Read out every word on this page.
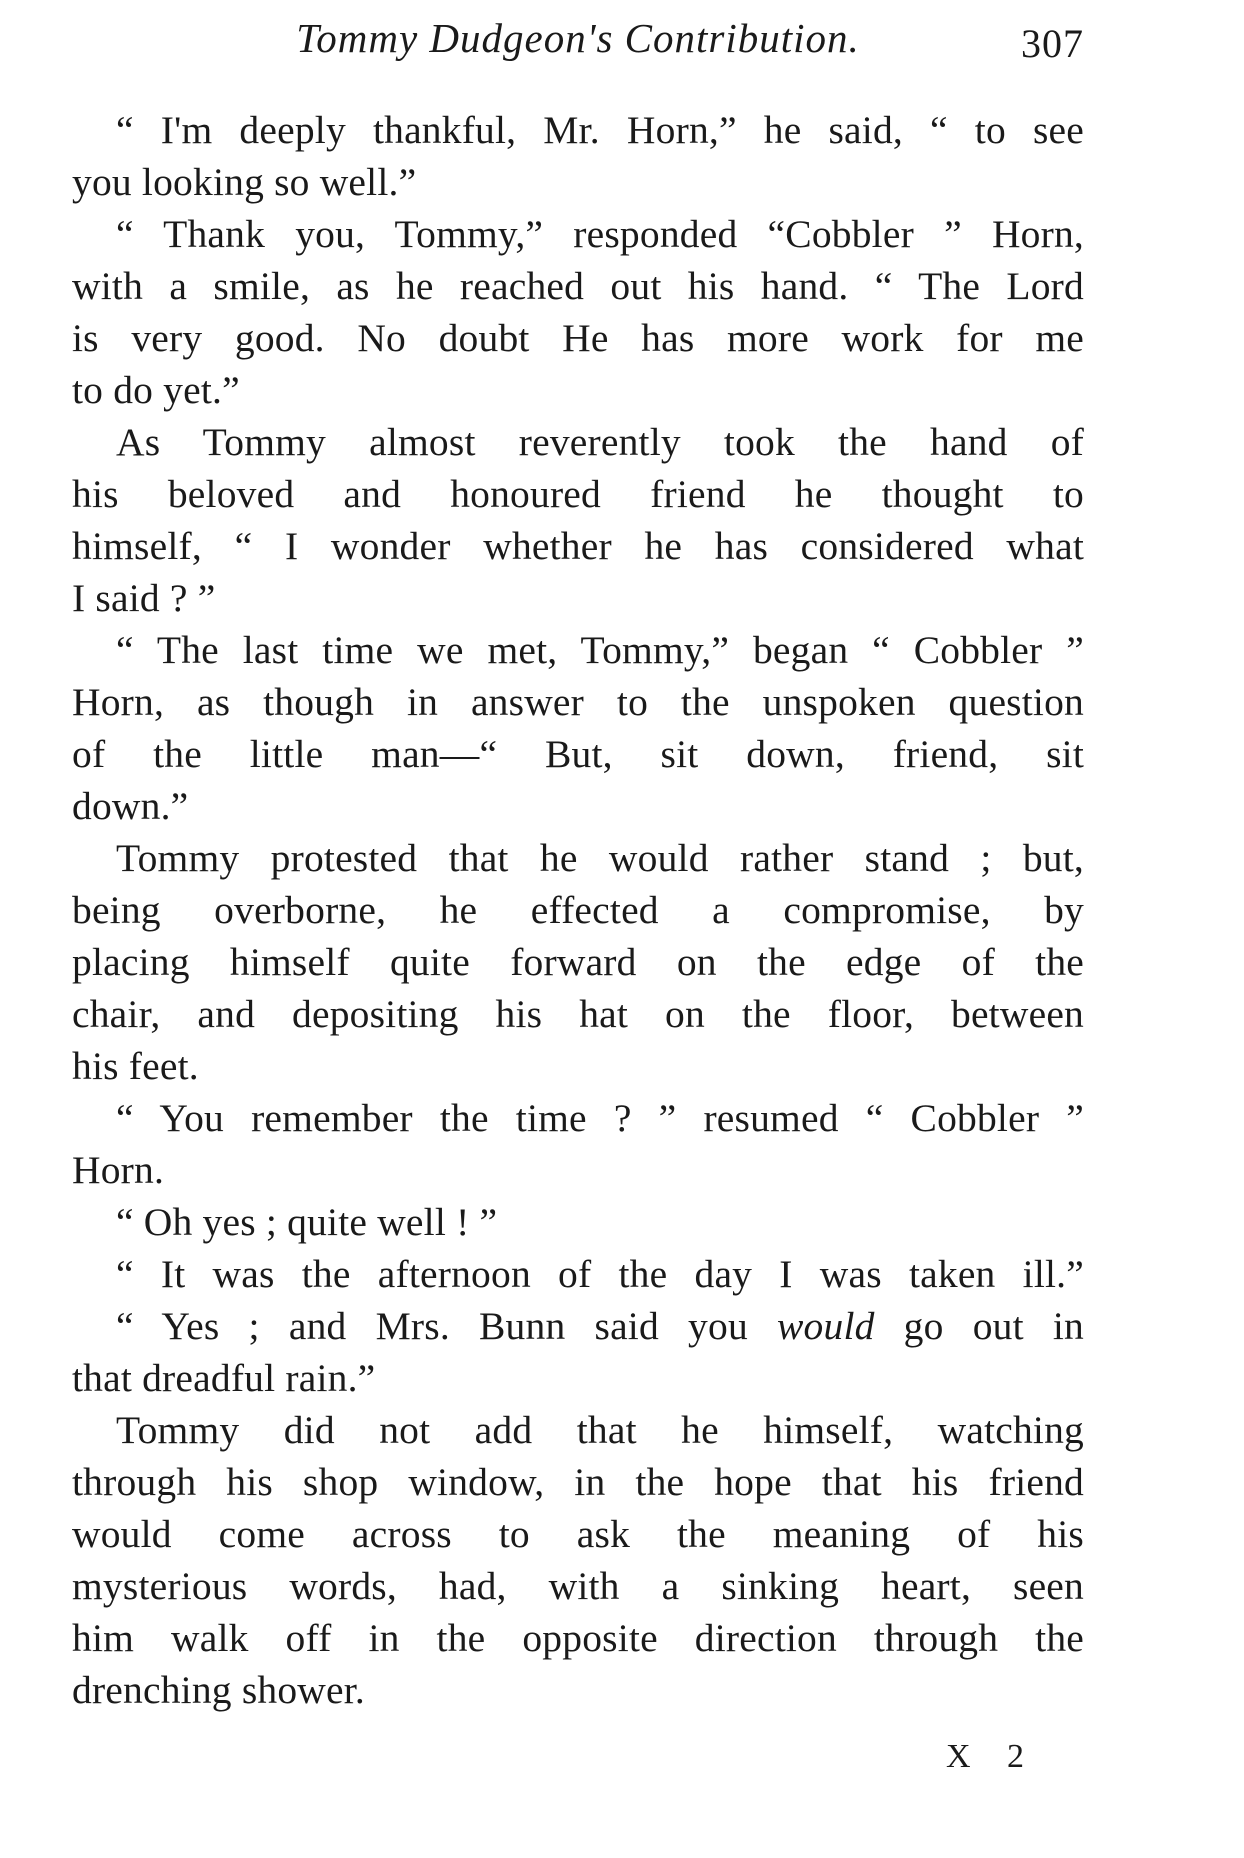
Tommy Dudgeon's Contribution.	307
“ I'm deeply thankful, Mr. Horn,” he said, “ to see
you looking so well.”
“ Thank you, Tommy,” responded “Cobbler ” Horn,
with a smile, as he reached out his hand. “ The Lord
is very good. No doubt He has more work for me
to do yet.”
As Tommy almost reverently took the hand of
his beloved and honoured friend he thought to
himself, “ I wonder whether he has considered what
I said ? ”
“ The last time we met, Tommy,” began “ Cobbler ”
Horn, as though in answer to the unspoken question
of the little man—“ But, sit down, friend, sit
down.”
Tommy protested that he would rather stand ; but,
being overborne, he effected a compromise, by
placing himself quite forward on the edge of the
chair, and depositing his hat on the floor, between
his feet.
“ You remember the time ? ” resumed “ Cobbler ”
Horn.
“ Oh yes ; quite well ! ”
“ It was the afternoon of the day I was taken ill.”
“ Yes ; and Mrs. Bunn said you would go out in
that dreadful rain.”
Tommy did not add that he himself, watching
through his shop window, in the hope that his friend
would come across to ask the meaning of his
mysterious words, had, with a sinking heart, seen
him walk off in the opposite direction through the
drenching shower.
X 2
